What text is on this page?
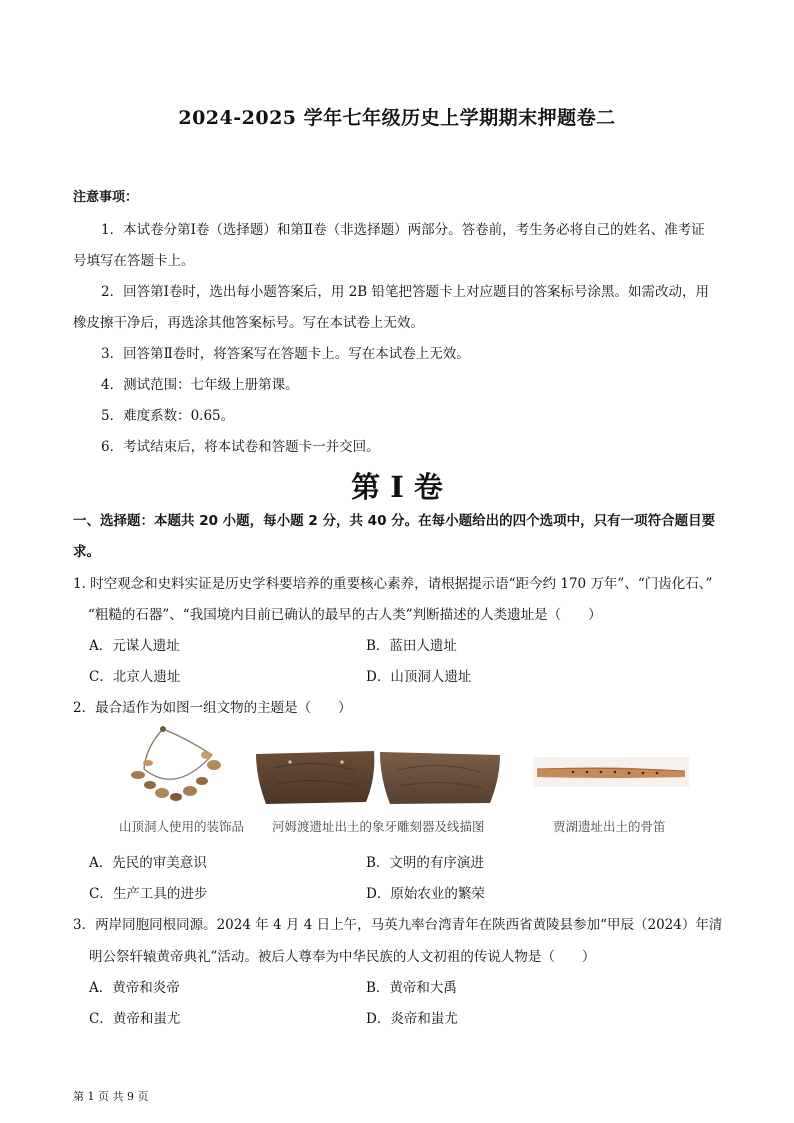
2024-2025 学年七年级历史上学期期末押题卷二
注意事项：
1．本试卷分第Ⅰ卷（选择题）和第Ⅱ卷（非选择题）两部分。答卷前，考生务必将自己的姓名、准考证
号填写在答题卡上。
2．回答第Ⅰ卷时，选出每小题答案后，用 2B 铅笔把答题卡上对应题目的答案标号涂黑。如需改动，用
橡皮擦干净后，再选涂其他答案标号。写在本试卷上无效。
3．回答第Ⅱ卷时，将答案写在答题卡上。写在本试卷上无效。
4．测试范围：七年级上册第课。
5．难度系数：0.65。
6．考试结束后，将本试卷和答题卡一并交回。
第 I 卷
一、选择题：本题共 20 小题，每小题 2 分，共 40 分。在每小题给出的四个选项中，只有一项符合题目要
求。
1. 时空观念和史料实证是历史学科要培养的重要核心素养，请根据提示语“距今约 170 万年”、“门齿化石、”
“粗糙的石器”、“我国境内目前已确认的最早的古人类”判断描述的人类遗址是（　　）
A．元谋人遗址	B．蓝田人遗址
C．北京人遗址	D．山顶洞人遗址
2．最合适作为如图一组文物的主题是（　　）
山顶洞人使用的装饰品 河姆渡遗址出土的象牙雕刻器及线描图	贾湖遗址出土的骨笛
A．先民的审美意识	B．文明的有序演进
C．生产工具的进步	D．原始农业的繁荣
3．两岸同胞同根同源。2024 年 4 月 4 日上午，马英九率台湾青年在陕西省黄陵县参加“甲辰（2024）年清
明公祭轩辕黄帝典礼”活动。被后人尊奉为中华民族的人文初祖的传说人物是（　　）
A．黄帝和炎帝	B．黄帝和大禹
C．黄帝和蚩尤	D．炎帝和蚩尤
第 1 页 共 9 页
